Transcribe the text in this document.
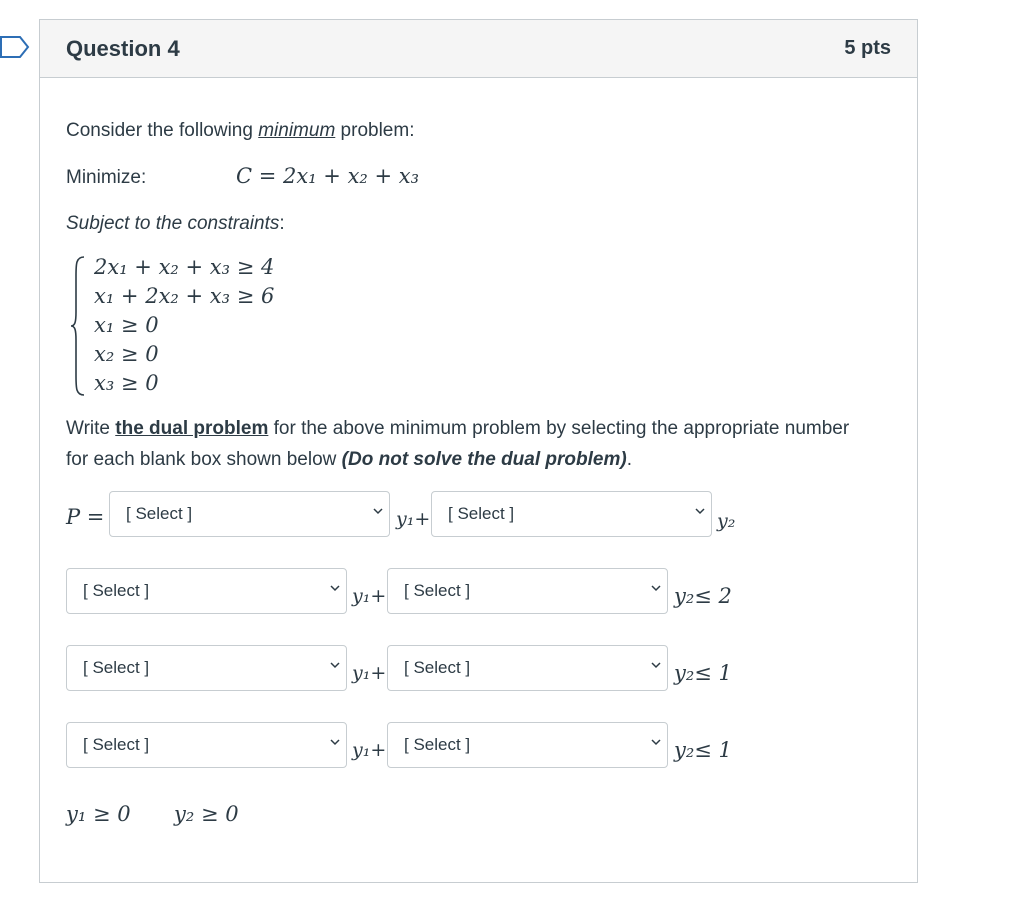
Question 4	5 pts
Consider the following minimum problem:
Minimize:	C = 2x₁ + x₂ + x₃
Subject to the constraints:
2x₁ + x₂ + x₃ ≥ 4
x₁ + 2x₂ + x₃ ≥ 6
x₁ ≥ 0
x₂ ≥ 0
x₃ ≥ 0
Write the dual problem for the above minimum problem by selecting the appropriate number
for each blank box shown below (Do not solve the dual problem).
P = [ Select ]	y₁+ [ Select ]	y₂
[ Select ]	y₁+ [ Select ]	y₂≤ 2
[ Select ]	y₁+ [ Select ]	y₂≤ 1
[ Select ]	y₁+ [ Select ]	y₂≤ 1
y₁ ≥ 0 y₂ ≥ 0
